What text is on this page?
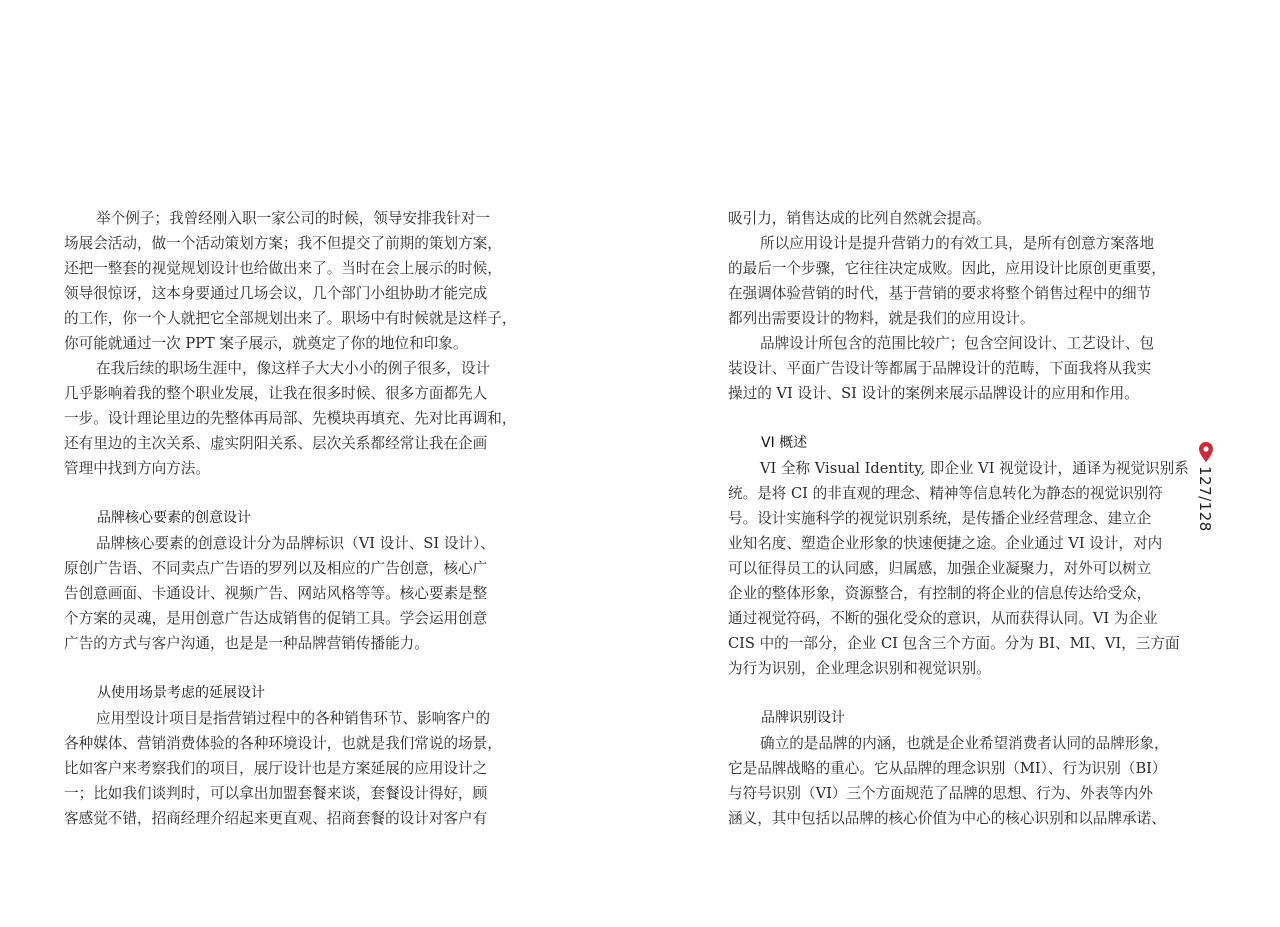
举个例子；我曾经刚入职一家公司的时候，领导安排我针对一
场展会活动，做一个活动策划方案；我不但提交了前期的策划方案，
还把一整套的视觉规划设计也给做出来了。当时在会上展示的时候，
领导很惊讶，这本身要通过几场会议，几个部门小组协助才能完成
的工作，你一个人就把它全部规划出来了。职场中有时候就是这样子，
你可能就通过一次 PPT 案子展示，就奠定了你的地位和印象。
在我后续的职场生涯中，像这样子大大小小的例子很多，设计
几乎影响着我的整个职业发展，让我在很多时候、很多方面都先人
一步。设计理论里边的先整体再局部、先模块再填充、先对比再调和，
还有里边的主次关系、虚实阴阳关系、层次关系都经常让我在企画
管理中找到方向方法。
品牌核心要素的创意设计
品牌核心要素的创意设计分为品牌标识（VI 设计、SI 设计）、
原创广告语、不同卖点广告语的罗列以及相应的广告创意，核心广
告创意画面、卡通设计、视频广告、网站风格等等。核心要素是整
个方案的灵魂，是用创意广告达成销售的促销工具。学会运用创意
广告的方式与客户沟通，也是是一种品牌营销传播能力。
从使用场景考虑的延展设计
应用型设计项目是指营销过程中的各种销售环节、影响客户的
各种媒体、营销消费体验的各种环境设计，也就是我们常说的场景，
比如客户来考察我们的项目，展厅设计也是方案延展的应用设计之
一；比如我们谈判时，可以拿出加盟套餐来谈，套餐设计得好，顾
客感觉不错，招商经理介绍起来更直观、招商套餐的设计对客户有
吸引力，销售达成的比列自然就会提高。
所以应用设计是提升营销力的有效工具，是所有创意方案落地
的最后一个步骤，它往往决定成败。因此，应用设计比原创更重要，
在强调体验营销的时代，基于营销的要求将整个销售过程中的细节
都列出需要设计的物料，就是我们的应用设计。
品牌设计所包含的范围比较广；包含空间设计、工艺设计、包
装设计、平面广告设计等都属于品牌设计的范畴，下面我将从我实
操过的 VI 设计、SI 设计的案例来展示品牌设计的应用和作用。
VI 概述
VI 全称 Visual Identity, 即企业 VI 视觉设计，通译为视觉识别系
统。是将 CI 的非直观的理念、精神等信息转化为静态的视觉识别符
号。设计实施科学的视觉识别系统，是传播企业经营理念、建立企
业知名度、塑造企业形象的快速便捷之途。企业通过 VI 设计，对内
可以征得员工的认同感，归属感，加强企业凝聚力，对外可以树立
企业的整体形象，资源整合，有控制的将企业的信息传达给受众，
通过视觉符码，不断的强化受众的意识，从而获得认同。VI 为企业
CIS 中的一部分，企业 CI 包含三个方面。分为 BI、MI、VI，三方面
为行为识别，企业理念识别和视觉识别。
品牌识别设计
确立的是品牌的内涵，也就是企业希望消费者认同的品牌形象，
它是品牌战略的重心。它从品牌的理念识别（MI）、行为识别（BI）
与符号识别（VI）三个方面规范了品牌的思想、行为、外表等内外
涵义，其中包括以品牌的核心价值为中心的核心识别和以品牌承诺、
127/128
